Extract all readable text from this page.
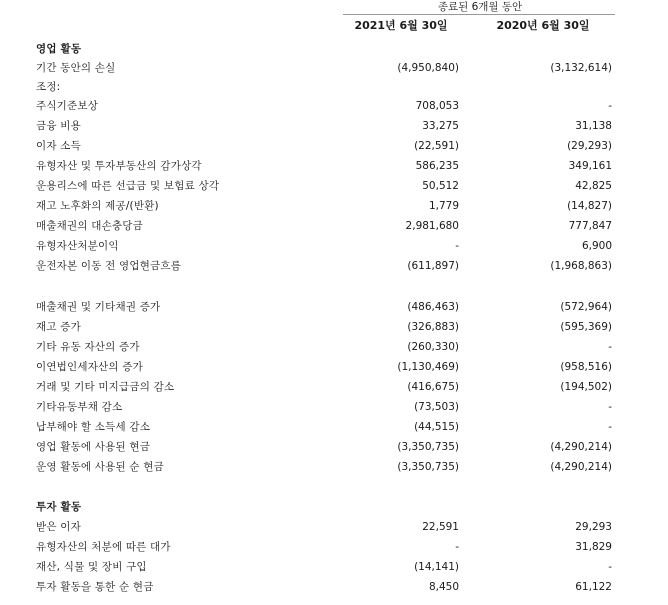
종료된 6개월 동안
2021년 6월 30일	2020년 6월 30일
영업 활동
기간 동안의 손실	(4,950,840)	(3,132,614)
조정:
주식기준보상	708,053	-
금융 비용	33,275	31,138
이자 소득	(22,591)	(29,293)
유형자산 및 투자부동산의 감가상각	586,235	349,161
운용리스에 따른 선급금 및 보험료 상각	50,512	42,825
재고 노후화의 제공/(반환)	1,779	(14,827)
매출채권의 대손충당금	2,981,680	777,847
유형자산처분이익	-	6,900
운전자본 이동 전 영업현금흐름	(611,897)	(1,968,863)
매출채권 및 기타채권 증가	(486,463)	(572,964)
재고 증가	(326,883)	(595,369)
기타 유동 자산의 증가	(260,330)	-
이연법인세자산의 증가	(1,130,469)	(958,516)
거래 및 기타 미지급금의 감소	(416,675)	(194,502)
기타유동부채 감소	(73,503)	-
납부해야 할 소득세 감소	(44,515)	-
영업 활동에 사용된 현금	(3,350,735)	(4,290,214)
운영 활동에 사용된 순 현금	(3,350,735)	(4,290,214)
투자 활동
받은 이자	22,591	29,293
유형자산의 처분에 따른 대가	-	31,829
재산, 식물 및 장비 구입	(14,141)	-
투자 활동을 통한 순 현금	8,450	61,122
